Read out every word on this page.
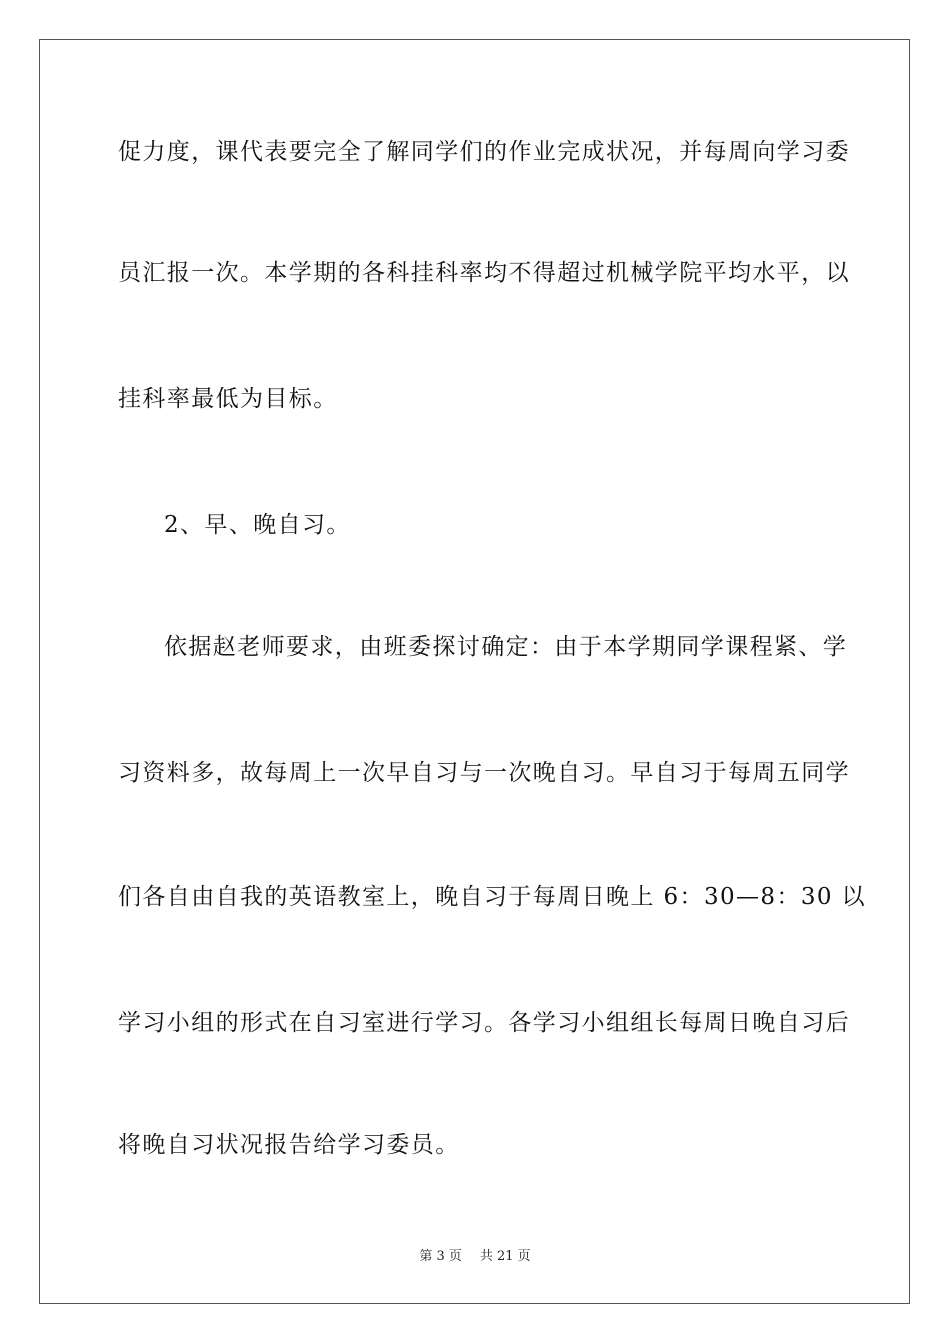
促力度，课代表要完全了解同学们的作业完成状况，并每周向学习委
员汇报一次。本学期的各科挂科率均不得超过机械学院平均水平，以
挂科率最低为目标。
2、早、晚自习。
依据赵老师要求，由班委探讨确定：由于本学期同学课程紧、学
习资料多，故每周上一次早自习与一次晚自习。早自习于每周五同学
们各自由自我的英语教室上，晚自习于每周日晚上 6：30—8：30 以
学习小组的形式在自习室进行学习。各学习小组组长每周日晚自习后
将晚自习状况报告给学习委员。
第 3 页 共 21 页
